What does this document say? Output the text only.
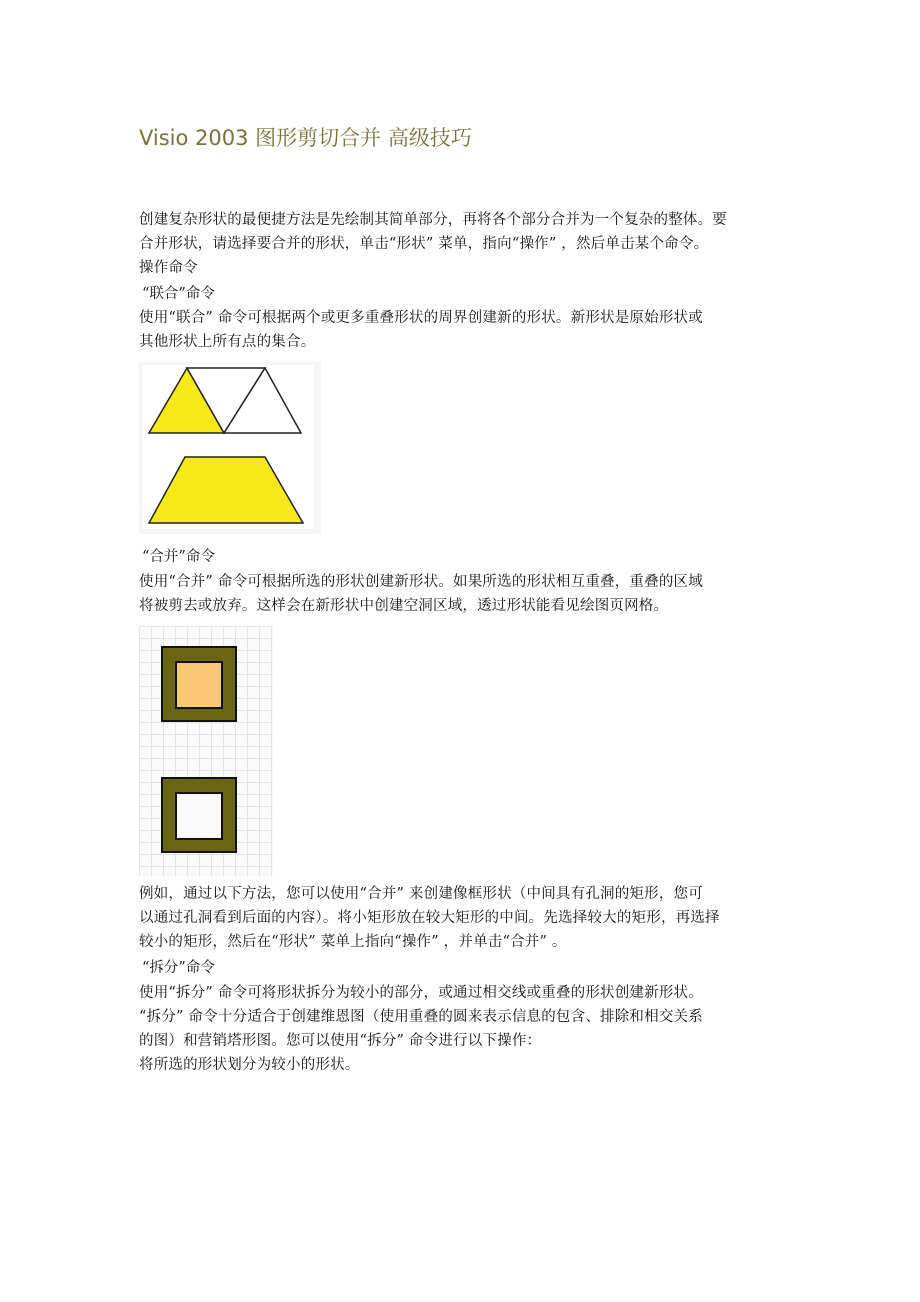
Visio 2003 图形剪切合并 高级技巧
创建复杂形状的最便捷方法是先绘制其简单部分，再将各个部分合并为一个复杂的整体。要
合并形状，请选择要合并的形状，单击“形状” 菜单，指向“操作” ，然后单击某个命令。
操作命令
“联合”命令
使用“联合” 命令可根据两个或更多重叠形状的周界创建新的形状。新形状是原始形状或
其他形状上所有点的集合。
“合并”命令
使用“合并” 命令可根据所选的形状创建新形状。如果所选的形状相互重叠，重叠的区域
将被剪去或放弃。这样会在新形状中创建空洞区域，透过形状能看见绘图页网格。
例如，通过以下方法，您可以使用“合并” 来创建像框形状（中间具有孔洞的矩形，您可
以通过孔洞看到后面的内容）。将小矩形放在较大矩形的中间。先选择较大的矩形，再选择
较小的矩形，然后在“形状” 菜单上指向“操作” ，并单击“合并” 。
“拆分”命令
使用“拆分” 命令可将形状拆分为较小的部分，或通过相交线或重叠的形状创建新形状。
“拆分” 命令十分适合于创建维恩图（使用重叠的圆来表示信息的包含、排除和相交关系
的图）和营销塔形图。您可以使用“拆分” 命令进行以下操作：
将所选的形状划分为较小的形状。
